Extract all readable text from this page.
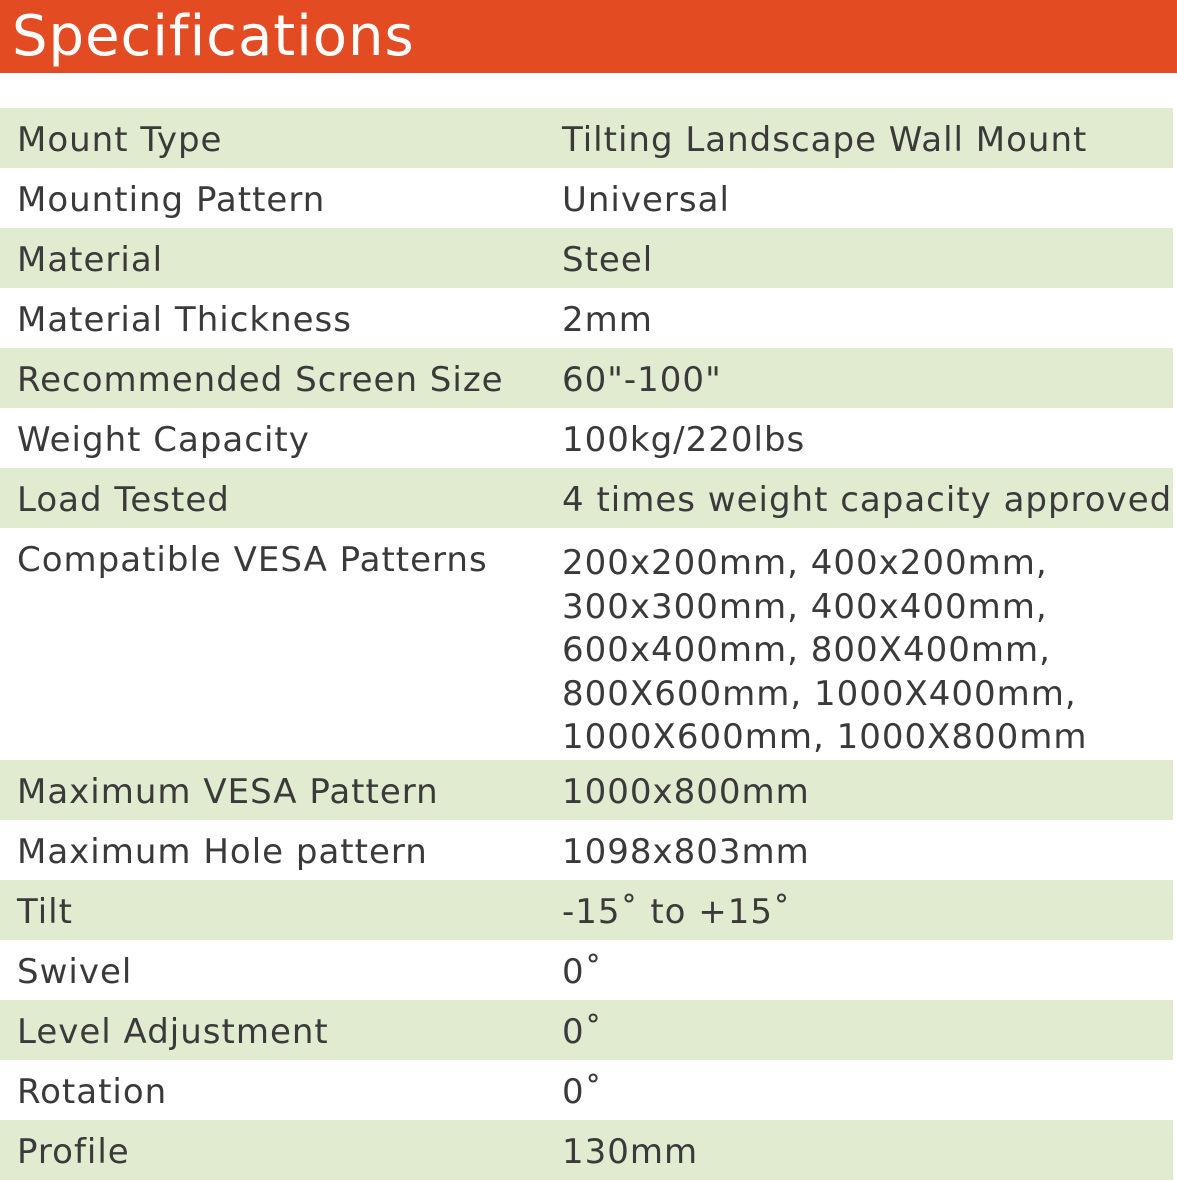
Specifications
Mount Type	Tilting Landscape Wall Mount
Mounting Pattern	Universal
Material	Steel
Material Thickness	2mm
Recommended Screen Size 60"-100"
Weight Capacity	100kg/220lbs
Load Tested	4 times weight capacity approved
Compatible VESA Patterns 200x200mm, 400x200mm,
300x300mm, 400x400mm,
600x400mm, 800X400mm,
800X600mm, 1000X400mm,
1000X600mm, 1000X800mm
Maximum VESA Pattern	1000x800mm
Maximum Hole pattern	1098x803mm
Tilt	-15˚ to +15˚
Swivel	0˚
Level Adjustment	0˚
Rotation	0˚
Profile	130mm
